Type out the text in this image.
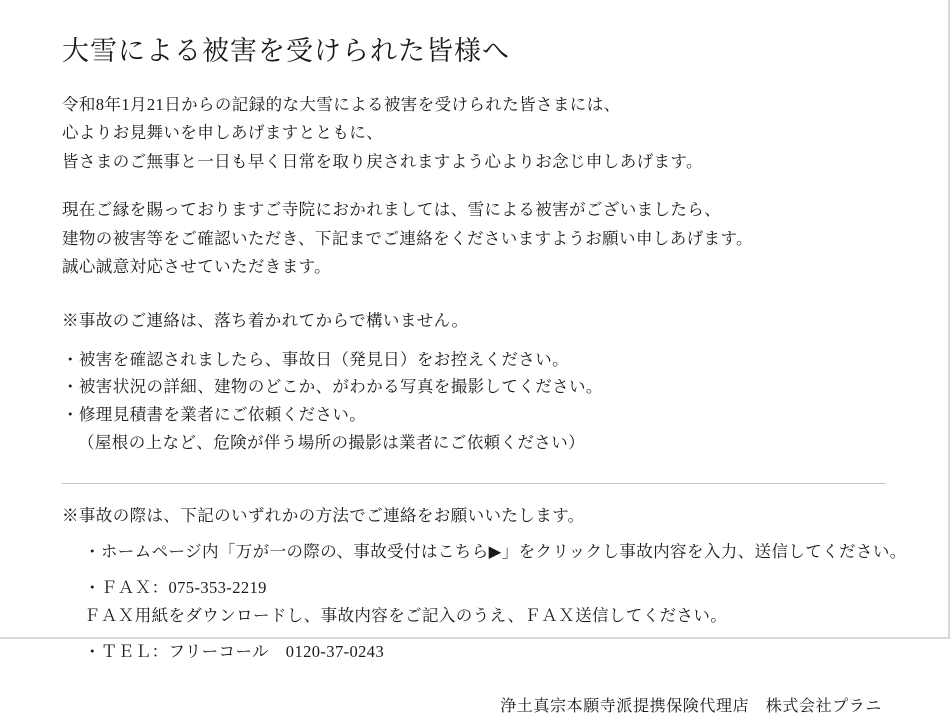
大雪による被害を受けられた皆様へ
令和8年1月21日からの記録的な大雪による被害を受けられた皆さまには、
心よりお見舞いを申しあげますとともに、
皆さまのご無事と一日も早く日常を取り戻されますよう心よりお念じ申しあげます。
現在ご縁を賜っておりますご寺院におかれましては、雪による被害がございましたら、
建物の被害等をご確認いただき、下記までご連絡をくださいますようお願い申しあげます。
誠心誠意対応させていただきます。
※事故のご連絡は、落ち着かれてからで構いません。
・被害を確認されましたら、事故日（発見日）をお控えください。
・被害状況の詳細、建物のどこか、がわかる写真を撮影してください。
・修理見積書を業者にご依頼ください。
（屋根の上など、危険が伴う場所の撮影は業者にご依頼ください）
※事故の際は、下記のいずれかの方法でご連絡をお願いいたします。
・ホームページ内「万が一の際の、事故受付はこちら▶」をクリックし事故内容を入力、送信してください。
・ＦＡＸ：075-353-2219
ＦＡＸ用紙をダウンロードし、事故内容をご記入のうえ、ＦＡＸ送信してください。
・ＴＥＬ：フリーコール　0120-37-0243
浄土真宗本願寺派提携保険代理店　株式会社プラニ
